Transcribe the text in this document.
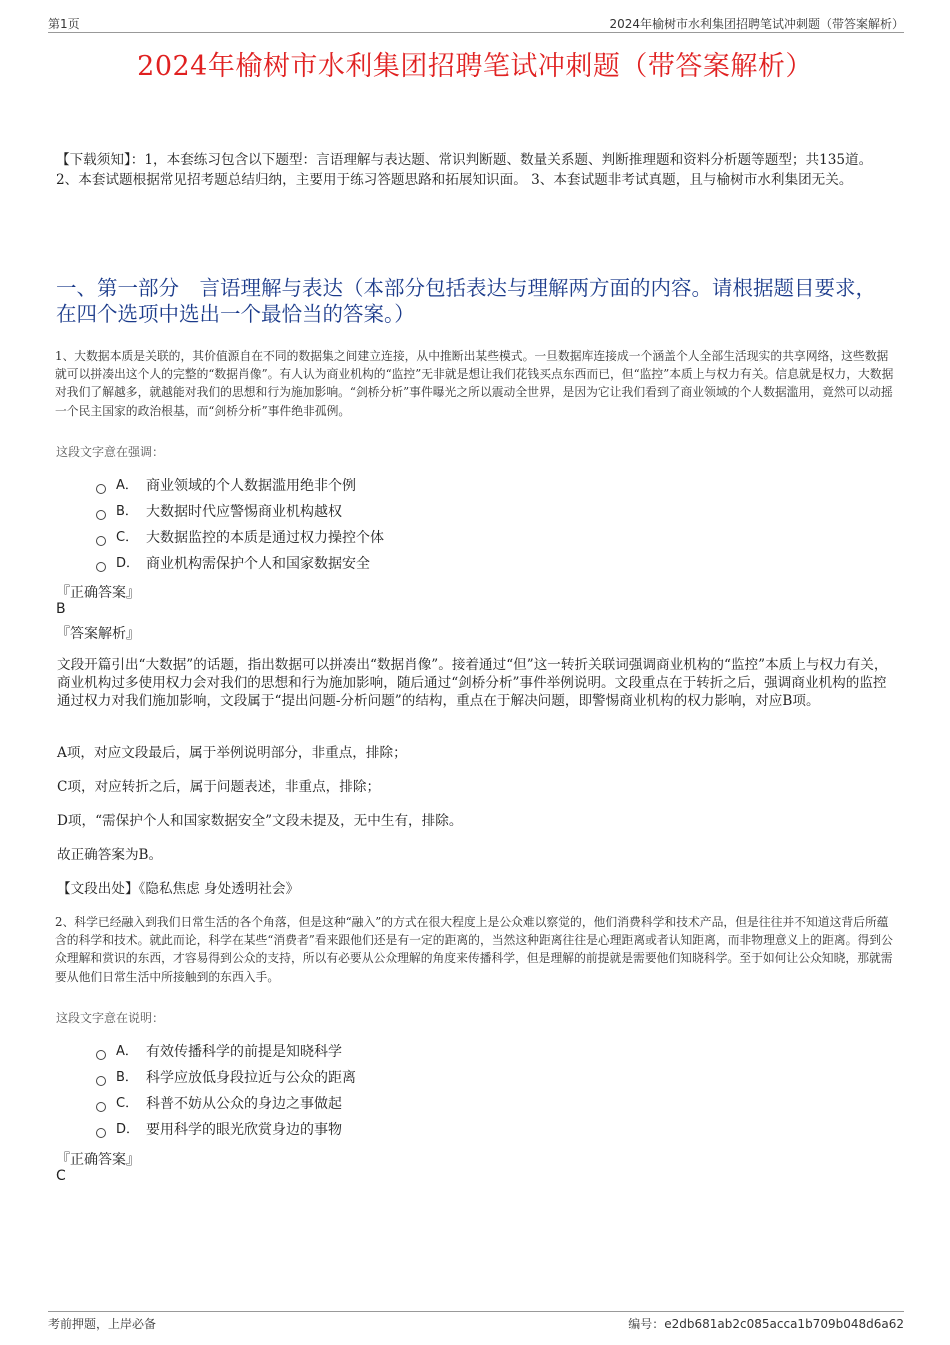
第1页	2024年榆树市水利集团招聘笔试冲刺题（带答案解析）
2024年榆树市水利集团招聘笔试冲刺题（带答案解析）
【下载须知】：1，本套练习包含以下题型：言语理解与表达题、常识判断题、数量关系题、判断推理题和资料分析题等题型；共135道。 2、本套试题根据常见招考题总结归纳，主要用于练习答题思路和拓展知识面。 3、本套试题非考试真题，且与榆树市水利集团无关。
一、第一部分　言语理解与表达（本部分包括表达与理解两方面的内容。请根据题目要求，在四个选项中选出一个最恰当的答案。）
1、大数据本质是关联的，其价值源自在不同的数据集之间建立连接，从中推断出某些模式。一旦数据库连接成一个涵盖个人全部生活现实的共享网络，这些数据就可以拼凑出这个人的完整的“数据肖像”。有人认为商业机构的“监控”无非就是想让我们花钱买点东西而已，但“监控”本质上与权力有关。信息就是权力，大数据对我们了解越多，就越能对我们的思想和行为施加影响。“剑桥分析”事件曝光之所以震动全世界，是因为它让我们看到了商业领域的个人数据滥用，竟然可以动摇一个民主国家的政治根基，而“剑桥分析”事件绝非孤例。
这段文字意在强调：
A． 商业领域的个人数据滥用绝非个例
B． 大数据时代应警惕商业机构越权
C． 大数据监控的本质是通过权力操控个体
D． 商业机构需保护个人和国家数据安全
『正确答案』
B
『答案解析』
文段开篇引出“大数据”的话题，指出数据可以拼凑出“数据肖像”。接着通过“但”这一转折关联词强调商业机构的“监控”本质上与权力有关，商业机构过多使用权力会对我们的思想和行为施加影响，随后通过“剑桥分析”事件举例说明。文段重点在于转折之后，强调商业机构的监控通过权力对我们施加影响，文段属于“提出问题-分析问题”的结构，重点在于解决问题，即警惕商业机构的权力影响，对应B项。
A项，对应文段最后，属于举例说明部分，非重点，排除；
C项，对应转折之后，属于问题表述，非重点，排除；
D项，“需保护个人和国家数据安全”文段未提及，无中生有，排除。
故正确答案为B。
【文段出处】《隐私焦虑 身处透明社会》
2、科学已经融入到我们日常生活的各个角落，但是这种“融入”的方式在很大程度上是公众难以察觉的，他们消费科学和技术产品，但是往往并不知道这背后所蕴含的科学和技术。就此而论，科学在某些“消费者”看来跟他们还是有一定的距离的，当然这种距离往往是心理距离或者认知距离，而非物理意义上的距离。得到公众理解和赏识的东西，才容易得到公众的支持，所以有必要从公众理解的角度来传播科学，但是理解的前提就是需要他们知晓科学。至于如何让公众知晓，那就需要从他们日常生活中所接触到的东西入手。
这段文字意在说明：
A． 有效传播科学的前提是知晓科学
B． 科学应放低身段拉近与公众的距离
C． 科普不妨从公众的身边之事做起
D． 要用科学的眼光欣赏身边的事物
『正确答案』
C
考前押题，上岸必备	编号：e2db681ab2c085acca1b709b048d6a62
